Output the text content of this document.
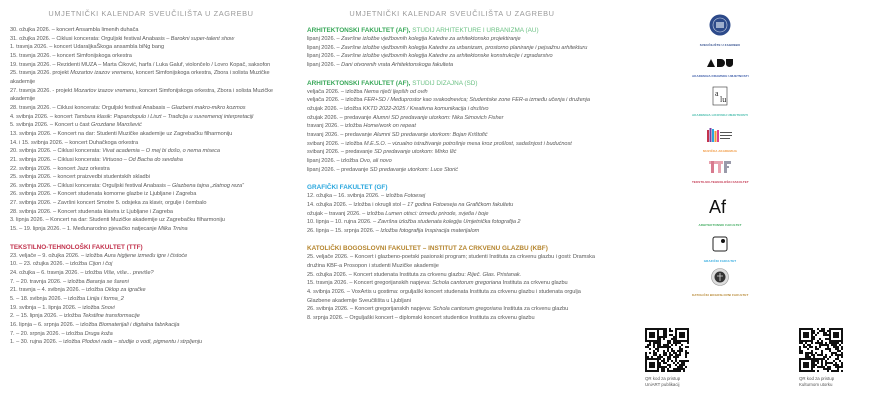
UMJETNIČKI KALENDAR SVEUČILIŠTA U ZAGREBU
30. ožujka 2026. – koncert Ansambla limenih duhača
31. ožujka 2026. – Ciklusi koncerata: Orguljski festival Anabasis – Barokni super-talent show
1. travnja 2026. – koncert UdaraljkaŠkoga ansambla biNg bang
15. travnja 2026. – koncert Simfonijskoga orkestra
19. travnja 2026. – Rezidenti MUZA – Marta Ćiković, harfa / Luka Galuf, violončelo / Lovro Kopač, saksofon
25. travnja 2026. projekt Mozartov izazov vremenu, koncert Simfonijskoga orkestra, Zbora i solista Muzičke akademije
27. travnja 2026. - projekt Mozartov izazov vremenu, koncert Simfonijskoga orkestra, Zbora i solista Muzičke akademije
28. travnja 2026. – Ciklusi koncerata: Orguljski festival Anabasis – Glazbeni makro-mikro kozmos
4. svibnja 2026. – koncert Tambura klasik: Papandopulo i Liszt – Tradicija u suvremenoj interpretaciji
5. svibnja 2026. – Koncert u čast Grozdane Marošević
13. svibnja 2026. – Koncert na dar: Studenti Muzičke akademije uz Zagrebačku filharmoniju
14. i 15. svibnja 2026. – koncert Duhačkoga orkestra
20. svibnja 2026. – Ciklusi koncerata: Vivat academia – O mej bi došo, o nema miseca
21. svibnja 2026. – Ciklusi koncerata: Virtuoso – Od Bacha do sevdaha
22. svibnja 2026. – koncert Jazz orkestra
25. svibnja 2026. – koncert praizvedbi studentskih skladbi
26. svibnja 2026. – Ciklusi koncerata: Orguljski festival Anabasis – Glazbena tajna „zlatnog reza“
26. svibnja 2026. – Koncert studenata komorne glazbe iz Ljubljane i Zagreba
27. svibnja 2026. – Završni koncert Smotre 5. odsjeka za klavir, orgulje i čembalo
28. svibnja 2026. – Koncert studenata klavira iz Ljubljane i Zagreba
3. lipnja 2026. – Koncert na dar: Studenti Muzičke akademije uz Zagrebačku filharmoniju
15. – 19. lipnja 2026. – 1. Međunarodno pjevačko natjecanje Milka Trnina
TEKSTILNO-TEHNOLOŠKI FAKULTET (TTF)
23. veljače – 9. ožujka 2026. – izložba Aura higijene između igre i čistoće
10. – 23. ožujka 2026. – izložba Cijon i čoj
24. ožujka – 6. travnja 2026. – izložba Više, više... previše?
7. – 20. travnja 2026. – izložba Baranja se šareni
21. travnja – 4. svibnja 2026. – izložba Oklop za igračke
5. – 18. svibnja 2026. – izložba Linija i forma_2
19. svibnja – 1. lipnja 2026. – izložba Snovi
2. – 15. lipnja 2026. – izložba Tekstilne transformacije
16. lipnja – 6. srpnja 2026. – izložba Biomaterijali i digitalna fabrikacija
7. – 20. srpnja 2026. – izložba Druga koža
1. – 30. rujna 2026. – izložba Plodovi rada – studije o vodi, pigmentu i strpljenju
UMJETNIČKI KALENDAR SVEUČILIŠTA U ZAGREBU
ARHITEKTONSKI FAKULTET (AF), STUDIJ ARHITEKTURE I URBANIZMA (AU)
lipanj 2026. – Završne izložbe vježbovnih kolegija Katedre za arhitektonsko projektiranje
lipanj 2026. – Završne izložbe vježbovnih kolegija Katedre za urbanizam, prostorno planiranje i pejsažnu arhitekturu
lipanj 2026. – Završne izložbe vježbovnih kolegija Katedre za arhitektonske konstrukcije i zgradarstvo
lipanj 2026. – Dani otvorenih vrata Arhitektonskoga fakulteta
ARHITEKTONSKI FAKULTET (AF), STUDIJ DIZAJNA (SD)
veljača 2026. – izložba Nema riječi ljepših od ovih
veljača 2026. – izložba FER+SD / Međuprostor kao svakodnevica; Studentske zone FER-a između učenja i druženja
ožujak 2026. – izložba KKTD 2022-2025 / Kreativna komunikacija i društvo
ožujak 2026. – predavanje Alumni SD predavanje utorkom: Nika Simovich Fisher
travanj 2026. – izložba Home/work on repeat
travanj 2026. – predavanje Alumni SD predavanje utorkom: Bojan Krištofić
svibanj 2026. – izložba M.E.S.O. – vizualno istraživanje potrošnje mesa kroz prošlost, sadašnjost i budućnost
svibanj 2026. – predavanje SD predavanje utorkom: Mirko Ilić
lipanj 2026. – izložba Ovo, ali novo
lipanj 2026. – predavanje SD predavanje utorkom: Luce Storić
GRAFIČKI FAKULTET (GF)
12. ožujka – 16. svibnja 2026. – izložba Fotoesej
14. ožujka 2026. – Izložba i okrugli stol – 17 godina Fotoeseja na Grafičkom fakultetu
ožujak – travanj 2026. – izložba Lumen otisci: između prirode, svjetla i boje
10. lipnja – 10. rujna 2026. – Završna izložba studenata kolegija Umjetnička fotografija 2
26. lipnja – 15. srpnja 2026. – Izložba fotografija Inspiracija materijalom
KATOLIČKI BOGOSLOVNI FAKULTET – INSTITUT ZA CRKVENU GLAZBU (KBF)
25. veljače 2026. – Koncert i glazbeno-poetski pasionski program; studenti Instituta za crkvenu glazbu i gosti: Dramska družina KBF-a Prosopon i studenti Muzičke akademije
25. ožujka 2026. – Koncert studenata Instituta za crkvenu glazbu: Riječ. Glas. Pristanak.
15. travnja 2026. – Koncert gregorijanskih napjeva: Schola cantorum gregoriana Instituta za crkvenu glazbu
4. svibnja 2026. – VoxArtis u gostima: orguljaški koncert studenata Instituta za crkvenu glazbu i studenata orgulja Glazbene akademije Sveučilišta u Ljubljani
26. svibnja 2026. – Koncert gregorijanskih napjeva: Schola cantorum gregoriana Instituta za crkvenu glazbu
8. srpnja 2026. – Orguljaški koncert – diplomski koncert studentice Instituta za crkvenu glazbu
SVEUČILIŠTE U ZAGREBU
AKADEMIJA DRAMSKE UMJETNOSTI
a
lu
AKADEMIJA LIKOVNIH UMJETNOSTI
MUZIČKA AKADEMIJA
TEKSTILNO-TEHNOLOŠKI FAKULTET
Af
ARHITEKTONSKI FAKULTET
GRAFIČKI FAKULTET
KATOLIČKI BOGOSLOVNI FAKULTET
QR kod za pristup
UniART publikacij
QR kod za pristup
Kulturnom utorku
